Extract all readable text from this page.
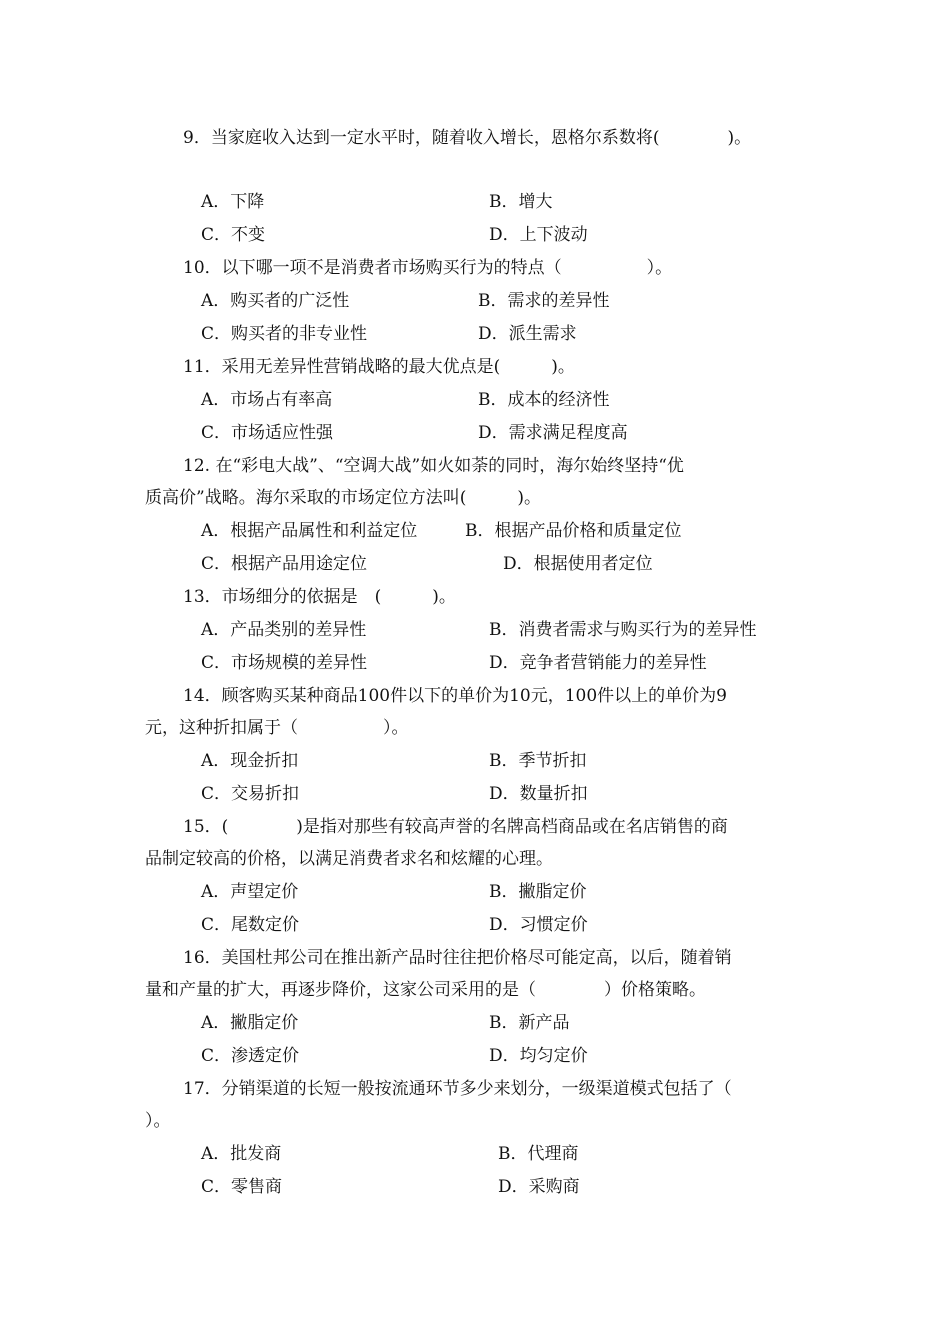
9．当家庭收入达到一定水平时，随着收入增长，恩格尔系数将(　　　　)。
A．下降	B．增大
C．不变	D．上下波动
10．以下哪一项不是消费者市场购买行为的特点（　　　　　）。
A．购买者的广泛性	B．需求的差异性
C．购买者的非专业性	D．派生需求
11．采用无差异性营销战略的最大优点是(　　　)。
A．市场占有率高	B．成本的经济性
C．市场适应性强	D．需求满足程度高
12. 在“彩电大战”、“空调大战”如火如荼的同时，海尔始终坚持“优
质高价”战略。海尔采取的市场定位方法叫(　　　)。
A．根据产品属性和利益定位	B．根据产品价格和质量定位
C．根据产品用途定位	D．根据使用者定位
13．市场细分的依据是　(　　　)。
A．产品类别的差异性	B．消费者需求与购买行为的差异性
C．市场规模的差异性	D．竞争者营销能力的差异性
14．顾客购买某种商品100件以下的单价为10元，100件以上的单价为9
元，这种折扣属于（　　　　　）。
A．现金折扣	B．季节折扣
C．交易折扣	D．数量折扣
15．(　　　　)是指对那些有较高声誉的名牌高档商品或在名店销售的商
品制定较高的价格，以满足消费者求名和炫耀的心理。
A．声望定价	B．撇脂定价
C．尾数定价	D．习惯定价
16．美国杜邦公司在推出新产品时往往把价格尽可能定高，以后，随着销
量和产量的扩大，再逐步降价，这家公司采用的是（　　　　）价格策略。
A．撇脂定价	B．新产品
C．渗透定价	D．均匀定价
17．分销渠道的长短一般按流通环节多少来划分，一级渠道模式包括了（
）。
A．批发商	B．代理商
C．零售商	D．采购商
